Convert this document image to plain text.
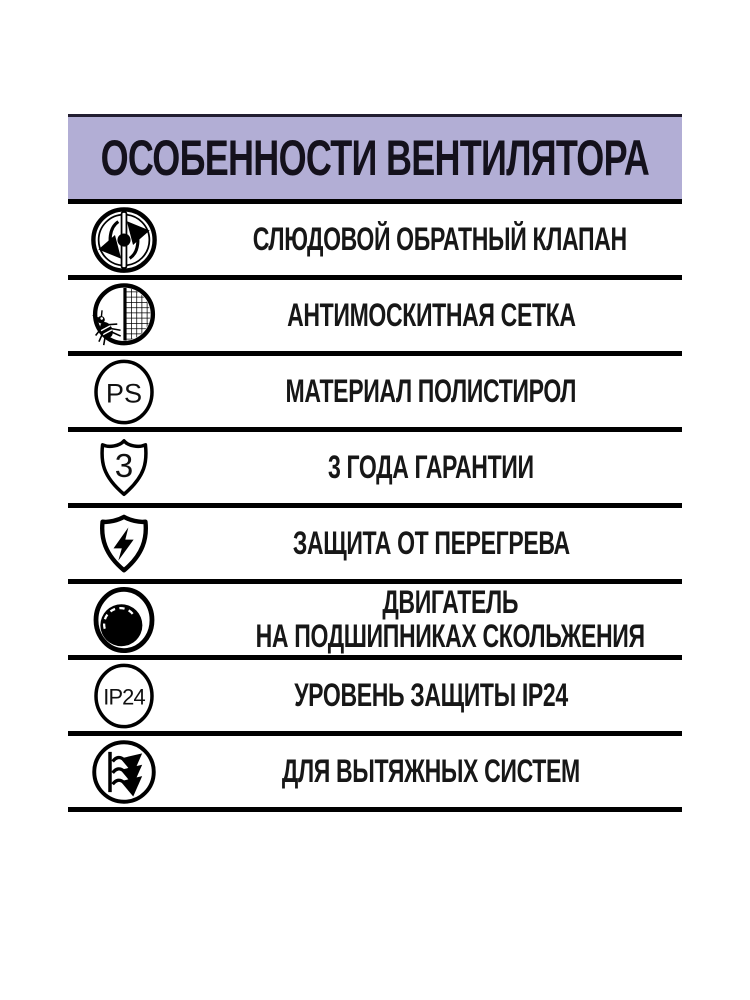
ОСОБЕННОСТИ ВЕНТИЛЯТОРА
СЛЮДОВОЙ ОБРАТНЫЙ КЛАПАН
АНТИМОСКИТНАЯ СЕТКА
PS	МАТЕРИАЛ ПОЛИСТИРОЛ
3	3 ГОДА ГАРАНТИИ
ЗАЩИТА ОТ ПЕРЕГРЕВА
ДВИГАТЕЛЬ
НА ПОДШИПНИКАХ СКОЛЬЖЕНИЯ
IP24	УРОВЕНЬ ЗАЩИТЫ IP24
ДЛЯ ВЫТЯЖНЫХ СИСТЕМ
